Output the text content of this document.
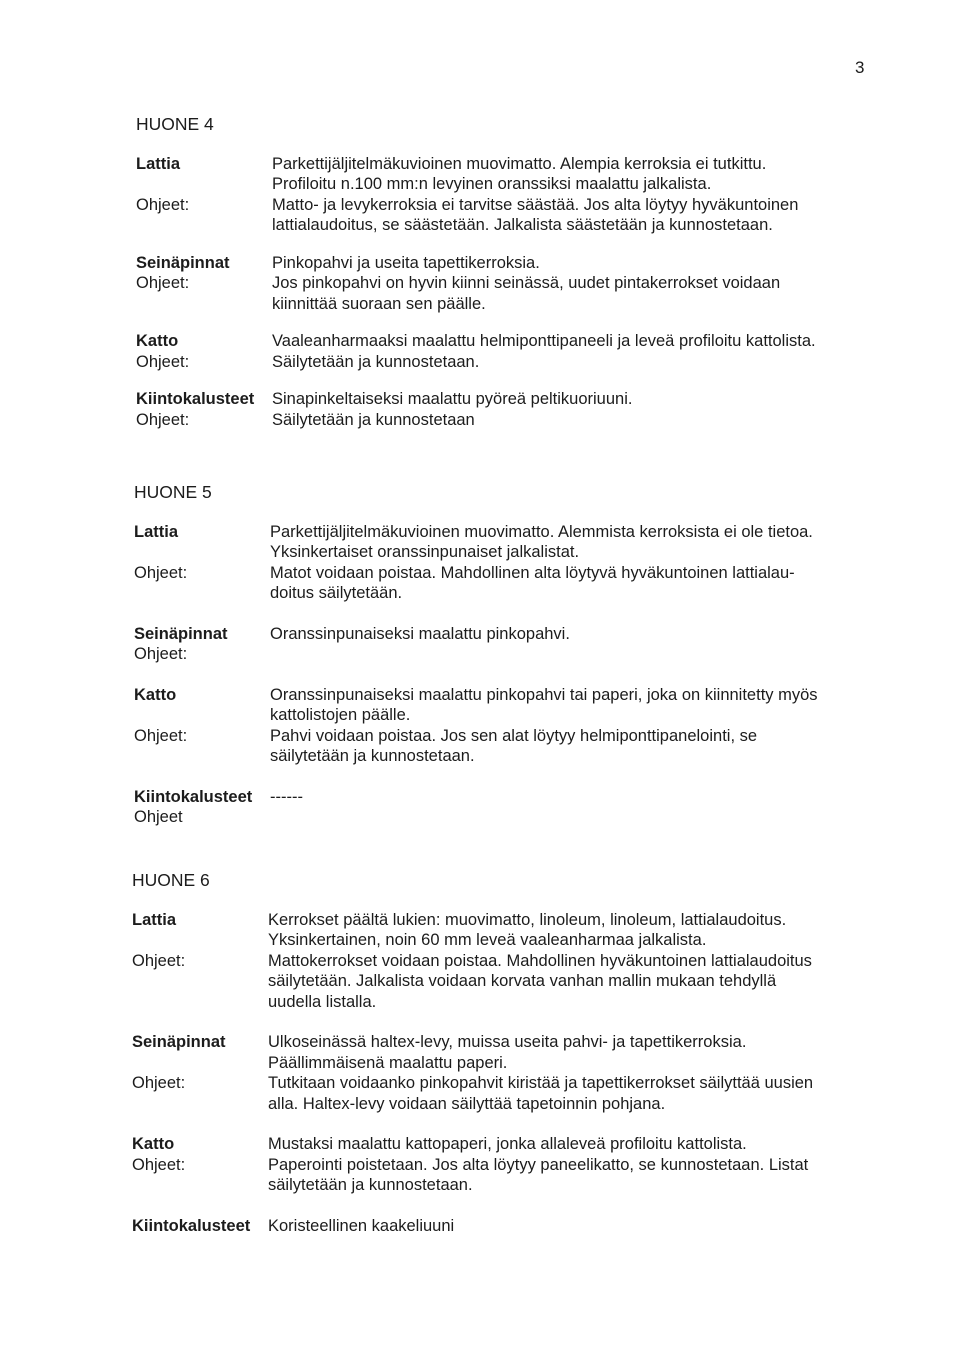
3
HUONE 4
Lattia	Parkettijäljitelmäkuvioinen muovimatto. Alempia kerroksia ei tutkittu.
Profiloitu n.100 mm:n levyinen oranssiksi maalattu jalkalista.
Ohjeet:	Matto- ja levykerroksia ei tarvitse säästää. Jos alta löytyy hyväkuntoinen
lattialaudoitus, se säästetään. Jalkalista säästetään ja kunnostetaan.
Seinäpinnat	Pinkopahvi ja useita tapettikerroksia.
Ohjeet:	Jos pinkopahvi on hyvin kiinni seinässä, uudet pintakerrokset voidaan
kiinnittää suoraan sen päälle.
Katto	Vaaleanharmaaksi maalattu helmiponttipaneeli ja leveä profiloitu kattolista.
Ohjeet:	Säilytetään ja kunnostetaan.
Kiintokalusteet	Sinapinkeltaiseksi maalattu pyöreä peltikuoriuuni.
Ohjeet:	Säilytetään ja kunnostetaan
HUONE 5
Lattia	Parkettijäljitelmäkuvioinen muovimatto. Alemmista kerroksista ei ole tietoa.
Yksinkertaiset oranssinpunaiset jalkalistat.
Ohjeet:	Matot voidaan poistaa. Mahdollinen alta löytyvä hyväkuntoinen lattialau-
doitus säilytetään.
Seinäpinnat	Oranssinpunaiseksi maalattu pinkopahvi.
Ohjeet:
Katto	Oranssinpunaiseksi maalattu pinkopahvi tai paperi, joka on kiinnitetty myös
kattolistojen päälle.
Ohjeet:	Pahvi voidaan poistaa. Jos sen alat löytyy helmiponttipanelointi, se
säilytetään ja kunnostetaan.
Kiintokalusteet	------
Ohjeet
HUONE 6
Lattia	Kerrokset päältä lukien: muovimatto, linoleum, linoleum, lattialaudoitus.
Yksinkertainen, noin 60 mm leveä vaaleanharmaa jalkalista.
Ohjeet:	Mattokerrokset voidaan poistaa. Mahdollinen hyväkuntoinen lattialaudoitus
säilytetään. Jalkalista voidaan korvata vanhan mallin mukaan tehdyllä
uudella listalla.
Seinäpinnat	Ulkoseinässä haltex-levy, muissa useita pahvi- ja tapettikerroksia.
Päällimmäisenä maalattu paperi.
Ohjeet:	Tutkitaan voidaanko pinkopahvit kiristää ja tapettikerrokset säilyttää uusien
alla. Haltex-levy voidaan säilyttää tapetoinnin pohjana.
Katto	Mustaksi maalattu kattopaperi, jonka allaleveä profiloitu kattolista.
Ohjeet:	Paperointi poistetaan. Jos alta löytyy paneelikatto, se kunnostetaan. Listat
säilytetään ja kunnostetaan.
Kiintokalusteet	Koristeellinen kaakeliuuni
